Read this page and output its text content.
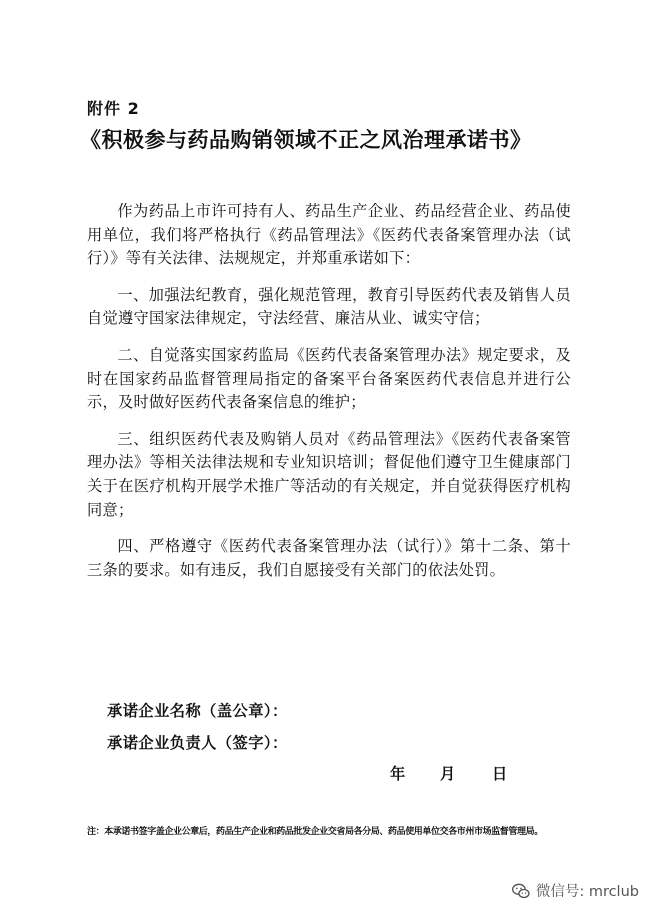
附件 2
《积极参与药品购销领域不正之风治理承诺书》

作为药品上市许可持有人、药品生产企业、药品经营企业、药品使用单位，我们将严格执行《药品管理法》《医药代表备案管理办法（试行）》等有关法律、法规规定，并郑重承诺如下：

一、加强法纪教育，强化规范管理，教育引导医药代表及销售人员自觉遵守国家法律规定，守法经营、廉洁从业、诚实守信；

二、自觉落实国家药监局《医药代表备案管理办法》规定要求，及时在国家药品监督管理局指定的备案平台备案医药代表信息并进行公示，及时做好医药代表备案信息的维护；

三、组织医药代表及购销人员对《药品管理法》《医药代表备案管理办法》等相关法律法规和专业知识培训；督促他们遵守卫生健康部门关于在医疗机构开展学术推广等活动的有关规定，并自觉获得医疗机构同意；

四、严格遵守《医药代表备案管理办法（试行）》第十二条、第十三条的要求。如有违反，我们自愿接受有关部门的依法处罚。

承诺企业名称（盖公章）：
承诺企业负责人（签字）：
年 月 日
注：本承诺书签字盖企业公章后，药品生产企业和药品批发企业交省局各分局、药品使用单位交各市州市场监督管理局。
微信号: mrclub
